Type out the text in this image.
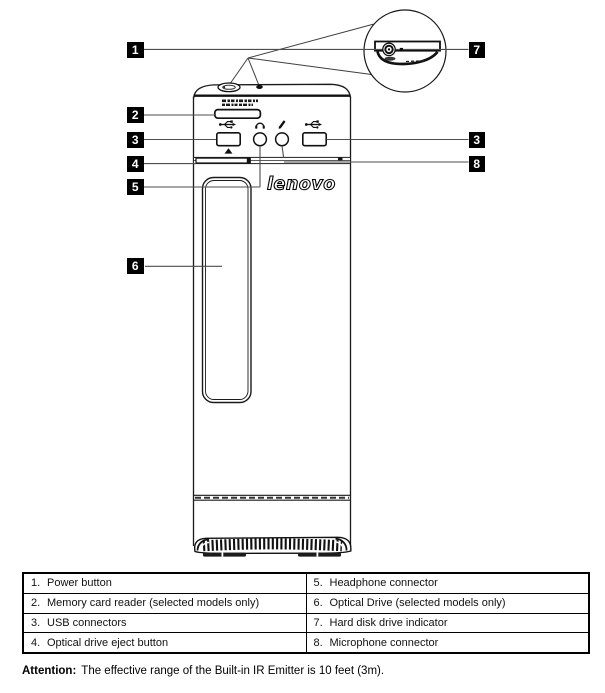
lenovo
1
2
3
4
5
6
7
3
8
1. Power button	5. Headphone connector
2. Memory card reader (selected models only)	6. Optical Drive (selected models only)
3. USB connectors	7. Hard disk drive indicator
4. Optical drive eject button	8. Microphone connector

Attention: The effective range of the Built-in IR Emitter is 10 feet (3m).
